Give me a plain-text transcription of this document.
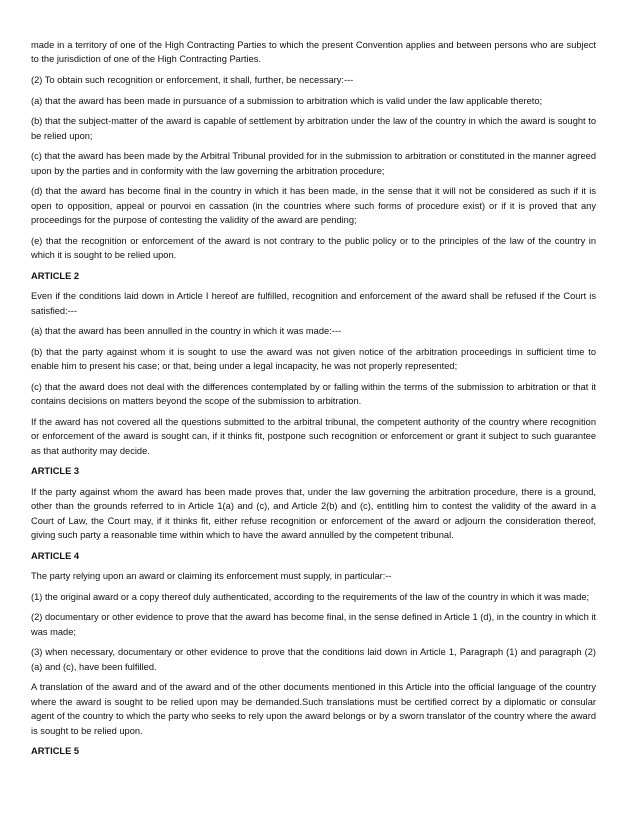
made in a territory of one of the High Contracting Parties to which the present Convention applies and between persons who are subject to the jurisdiction of one of the High Contracting Parties.

(2) To obtain such recognition or enforcement, it shall, further, be necessary:---

(a) that the award has been made in pursuance of a submission to arbitration which is valid under the law applicable thereto;

(b) that the subject-matter of the award is capable of settlement by arbitration under the law of the country in which the award is sought to be relied upon;

(c) that the award has been made by the Arbitral Tribunal provided for in the submission to arbitration or constituted in the manner agreed upon by the parties and in conformity with the law governing the arbitration procedure;

(d) that the award has become final in the country in which it has been made, in the sense that it will not be considered as such if it is open to opposition, appeal or pourvoi en cassation (in the countries where such forms of procedure exist) or if it is proved that any proceedings for the purpose of contesting the validity of the award are pending;

(e) that the recognition or enforcement of the award is not contrary to the public policy or to the principles of the law of the country in which it is sought to be relied upon.

ARTICLE 2

Even if the conditions laid down in Article I hereof are fulfilled, recognition and enforcement of the award shall be refused if the Court is satisfied:---

(a) that the award has been annulled in the country in which it was made:---

(b) that the party against whom it is sought to use the award was not given notice of the arbitration proceedings in sufficient time to enable him to present his case; or that, being under a legal incapacity, he was not properly represented;

(c) that the award does not deal with the differences contemplated by or falling within the terms of the submission to arbitration or that it contains decisions on matters beyond the scope of the submission to arbitration.

If the award has not covered all the questions submitted to the arbitral tribunal, the competent authority of the country where recognition or enforcement of the award is sought can, if it thinks fit, postpone such recognition or enforcement or grant it subject to such guarantee as that authority may decide.

ARTICLE 3

If the party against whom the award has been made proves that, under the law governing the arbitration procedure, there is a ground, other than the grounds referred to in Article 1(a) and (c), and Article 2(b) and (c), entitling him to contest the validity of the award in a Court of Law, the Court may, if it thinks fit, either refuse recognition or enforcement of the award or adjourn the consideration thereof, giving such party a reasonable time within which to have the award annulled by the competent tribunal.

ARTICLE 4

The party relying upon an award or claiming its enforcement must supply, in particular:--

(1) the original award or a copy thereof duly authenticated, according to the requirements of the law of the country in which it was made;

(2) documentary or other evidence to prove that the award has become final, in the sense defined in Article 1 (d), in the country in which it was made;

(3) when necessary, documentary or other evidence to prove that the conditions laid down in Article 1, Paragraph (1) and paragraph (2) (a) and (c), have been fulfilled.

A translation of the award and of the award and of the other documents mentioned in this Article into the official language of the country where the award is sought to be relied upon may be demanded.Such translations must be certified correct by a diplomatic or consular agent of the country to which the party who seeks to rely upon the award belongs or by a sworn translator of the country where the award is sought to be relied upon.

ARTICLE 5
